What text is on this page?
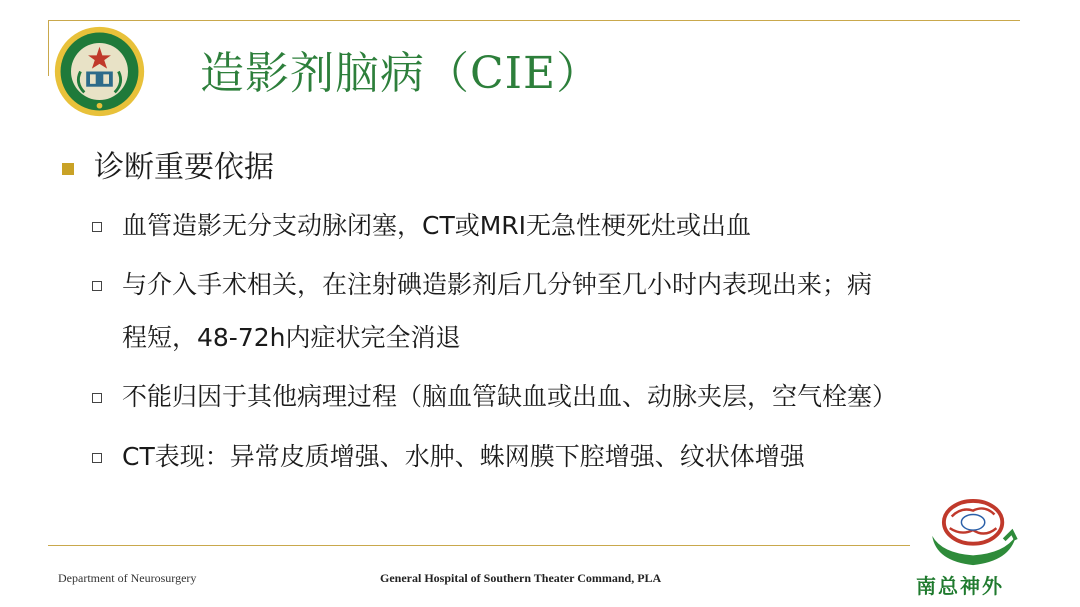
造影剂脑病（CIE）
诊断重要依据
血管造影无分支动脉闭塞，CT或MRI无急性梗死灶或出血
与介入手术相关，在注射碘造影剂后几分钟至几小时内表现出来；病
程短，48-72h内症状完全消退
不能归因于其他病理过程（脑血管缺血或出血、动脉夹层，空气栓塞）
CT表现：异常皮质增强、水肿、蛛网膜下腔增强、纹状体增强
Department of Neurosurgery	General Hospital of Southern Theater Command, PLA	南总神外
